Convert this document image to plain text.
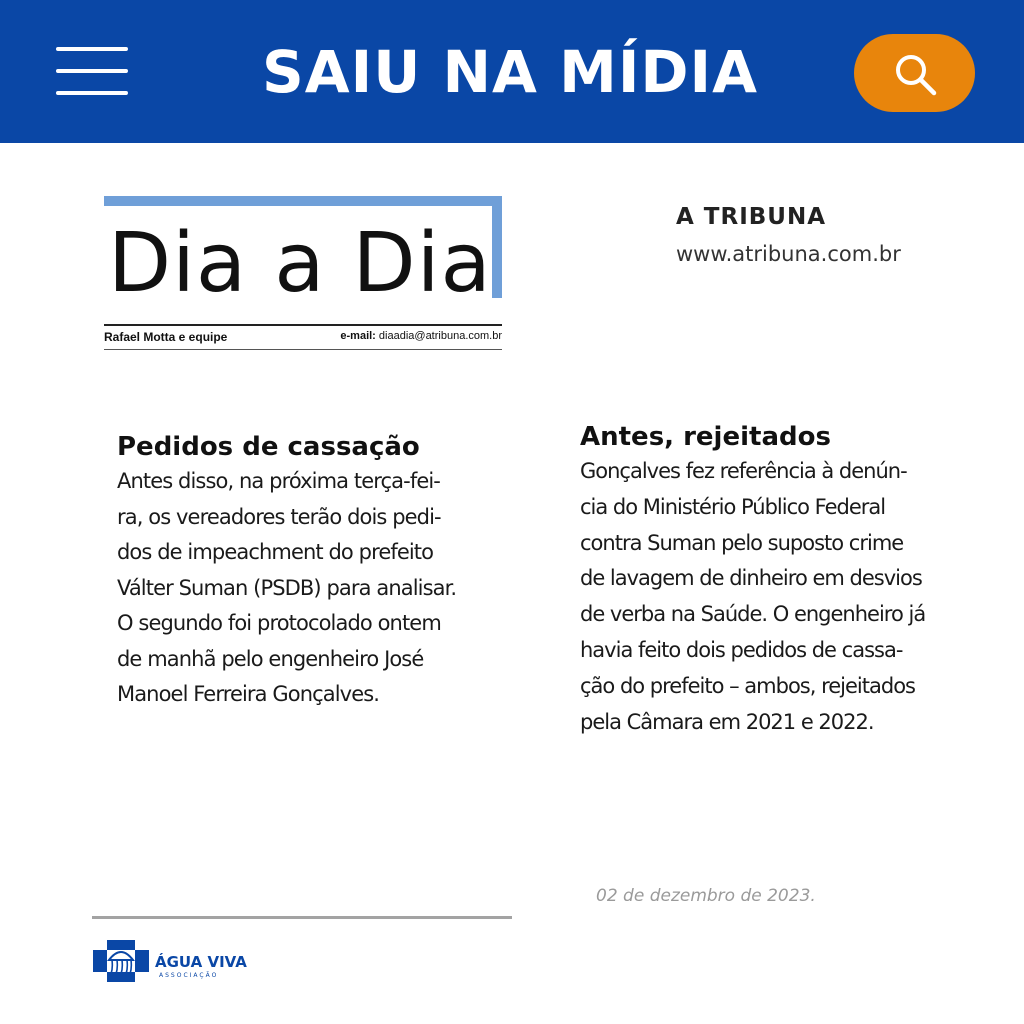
SAIU NA MÍDIA
Dia a Dia
Rafael Motta e equipe	e-mail: diaadia@atribuna.com.br
A TRIBUNA
www.atribuna.com.br
Pedidos de cassação

Antes disso, na próxima terça-fei-
ra, os vereadores terão dois pedi-
dos de impeachment do prefeito
Válter Suman (PSDB) para analisar.
O segundo foi protocolado ontem
de manhã pelo engenheiro José
Manoel Ferreira Gonçalves.

Antes, rejeitados

Gonçalves fez referência à denún-
cia do Ministério Público Federal
contra Suman pelo suposto crime
de lavagem de dinheiro em desvios
de verba na Saúde. O engenheiro já
havia feito dois pedidos de cassa-
ção do prefeito – ambos, rejeitados
pela Câmara em 2021 e 2022.

02 de dezembro de 2023.
ÁGUA VIVA
ASSOCIAÇÃO
